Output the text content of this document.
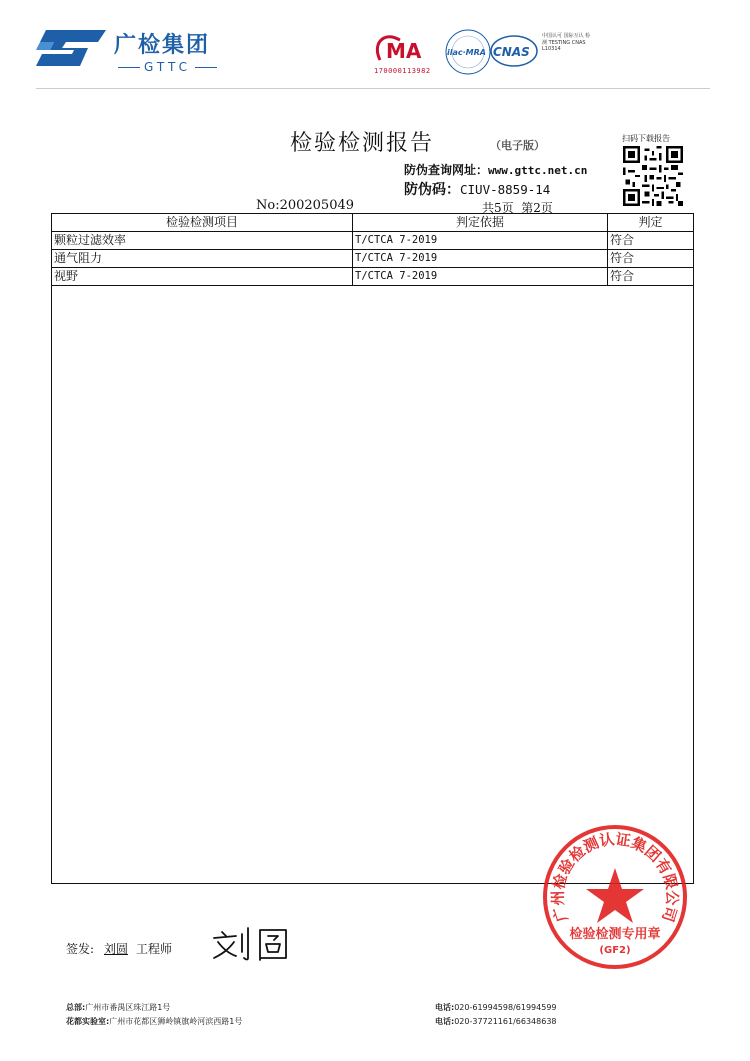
广检集团
GTTC
MA
170000113982
ilac·MRA CNAS
中国认可 国际互认 检测 TESTING CNAS L10314
检验检测报告	（电子版）
扫码下载报告
防伪查询网址：www.gttc.net.cn
防伪码：CIUV-8859-14
No:200205049	共5页  第2页
检验检测项目	判定依据	判定
颗粒过滤效率	T/CTCA 7-2019	符合
通气阻力	T/CTCA 7-2019	符合
视野	T/CTCA 7-2019	符合
签发: 刘圆 工程师
广州检验检测认证集团有限公司
检验检测专用章
(GF2)
总部:广州市番禺区珠江路1号
花都实验室:广州市花都区狮岭镇旗岭河滨西路1号
电话:020-61994598/61994599
电话:020-37721161/66348638
